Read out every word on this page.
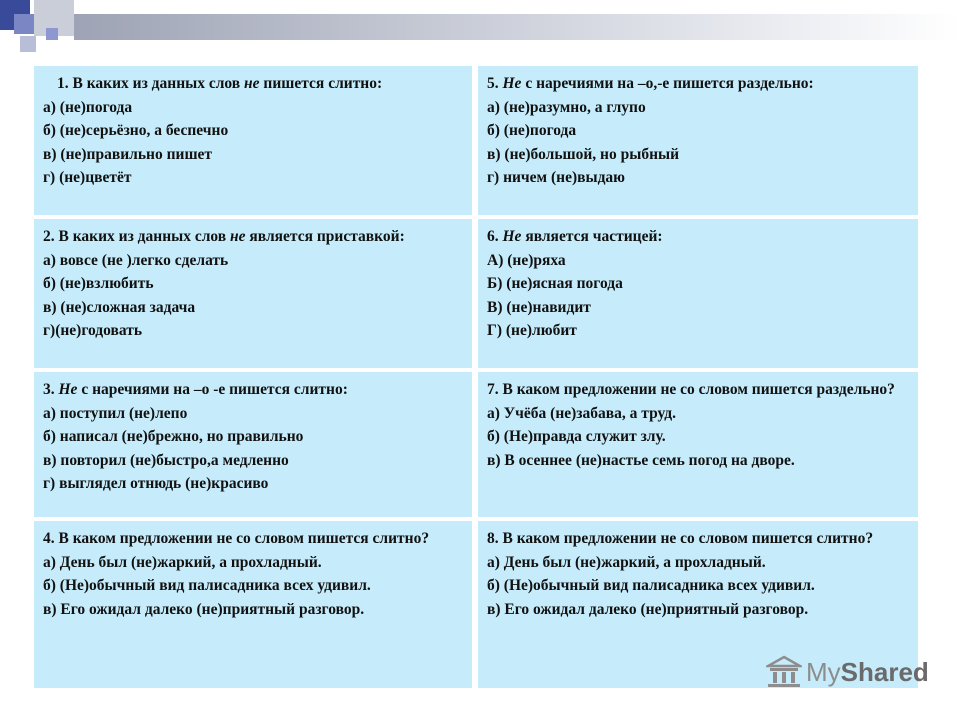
1. В каких из данных слов не пишется слитно:

а) (не)погода

б) (не)серьёзно, а беспечно

в) (не)правильно пишет

г) (не)цветёт

5. Не с наречиями на –о,-е пишется раздельно:

а) (не)разумно, а глупо

б) (не)погода

в) (не)большой, но рыбный

г) ничем (не)выдаю

2. В каких из данных слов не является приставкой:

а) вовсе (не )легко сделать

б) (не)взлюбить

в) (не)сложная задача

г)(не)годовать

6. Не является частицей:

А) (не)ряха

Б) (не)ясная погода

В) (не)навидит

Г) (не)любит

3. Не с наречиями на –о -е пишется слитно:

а) поступил (не)лепо

б) написал (не)брежно, но правильно

в) повторил (не)быстро,а медленно

г) выглядел отнюдь (не)красиво

7. В каком предложении не со словом пишется раздельно?

а) Учёба (не)забава, а труд.

б) (Не)правда служит злу.

в) В осеннее (не)настье семь погод на дворе.

4. В каком предложении не со словом пишется слитно?

а) День был (не)жаркий, а прохладный.

б) (Не)обычный вид палисадника всех удивил.

в) Его ожидал далеко (не)приятный разговор.

8. В каком предложении не со словом пишется слитно?

а) День был (не)жаркий, а прохладный.

б) (Не)обычный вид палисадника всех удивил.

в) Его ожидал далеко (не)приятный разговор.

MyShared
